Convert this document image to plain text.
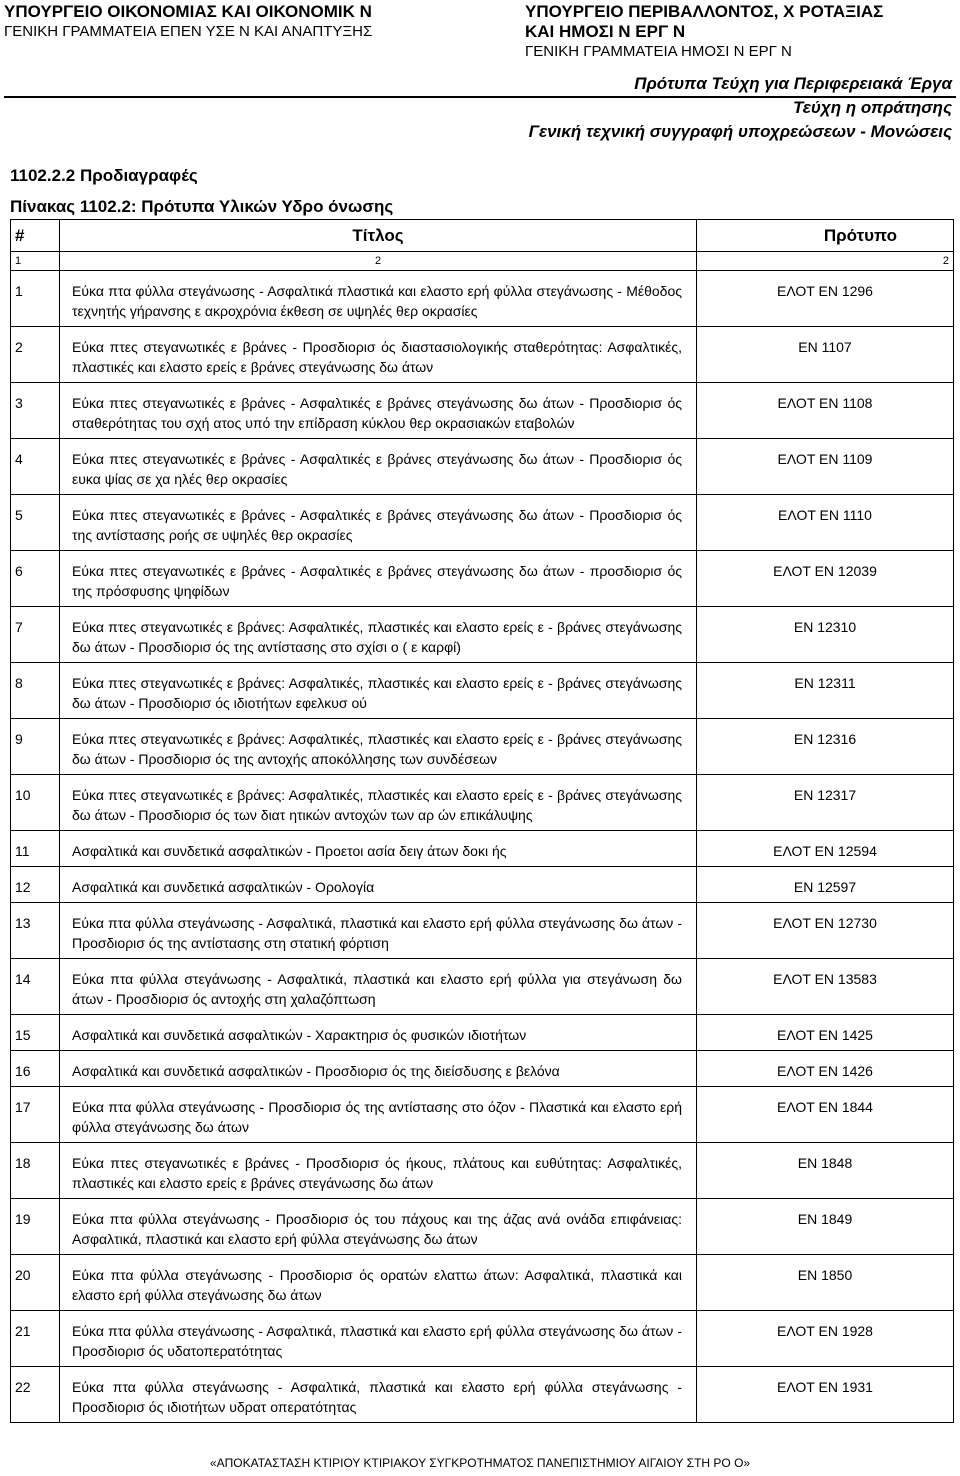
ΥΠΟΥΡΓΕΙΟ ΟΙΚΟΝΟΜΙΑΣ ΚΑΙ ΟΙΚΟΝΟΜΙΚ Ν
ΓΕΝΙΚΗ ΓΡΑΜΜΑΤΕΙΑ ΕΠΕΝ ΥΣΕ Ν ΚΑΙ ΑΝΑΠΤΥΞΗΣ
ΥΠΟΥΡΓΕΙΟ ΠΕΡΙΒΑΛΛΟΝΤΟΣ, Χ ΡΟΤΑΞΙΑΣ
ΚΑΙ ΗΜΟΣΙ Ν ΕΡΓ Ν
ΓΕΝΙΚΗ ΓΡΑΜΜΑΤΕΙΑ ΗΜΟΣΙ Ν ΕΡΓ Ν
Πρότυπα Τεύχη για Περιφερειακά Έργα
Τεύχη η οπράτησης
Γενική τεχνική συγγραφή υποχρεώσεων - Μονώσεις
1102.2.2 Προδιαγραφές
Πίνακας 1102.2: Πρότυπα Υλικών Υδρο όνωσης
#	Τίτλος	Πρότυπο
1	2	2
1	Εύκα πτα φύλλα στεγάνωσης - Ασφαλτικά πλαστικά και ελαστο ερή φύλλα στεγάνωσης - Μέθοδος τεχνητής γήρανσης ε ακροχρόνια έκθεση σε υψηλές θερ οκρασίες	ΕΛΟΤ ΕΝ 1296
2	Εύκα πτες στεγανωτικές ε βράνες - Προσδιορισ ός διαστασιολογικής σταθερότητας: Ασφαλτικές, πλαστικές και ελαστο ερείς ε βράνες στεγάνωσης δω άτων	ΕΝ 1107
3	Εύκα πτες στεγανωτικές ε βράνες - Ασφαλτικές ε βράνες στεγάνωσης δω άτων - Προσδιορισ ός σταθερότητας του σχή ατος υπό την επίδραση κύκλου θερ οκρασιακών εταβολών	ΕΛΟΤ ΕΝ 1108
4	Εύκα πτες στεγανωτικές ε βράνες - Ασφαλτικές ε βράνες στεγάνωσης δω άτων - Προσδιορισ ός ευκα ψίας σε χα ηλές θερ οκρασίες	ΕΛΟΤ ΕΝ 1109
5	Εύκα πτες στεγανωτικές ε βράνες - Ασφαλτικές ε βράνες στεγάνωσης δω άτων - Προσδιορισ ός της αντίστασης ροής σε υψηλές θερ οκρασίες	ΕΛΟΤ ΕΝ 1110
6	Εύκα πτες στεγανωτικές ε βράνες - Ασφαλτικές ε βράνες στεγάνωσης δω άτων - προσδιορισ ός της πρόσφυσης ψηφίδων	ΕΛΟΤ ΕΝ 12039
7	Εύκα πτες στεγανωτικές ε βράνες: Ασφαλτικές, πλαστικές και ελαστο ερείς ε - βράνες στεγάνωσης δω άτων - Προσδιορισ ός της αντίστασης στο σχίσι ο ( ε καρφί)	ΕΝ 12310
8	Εύκα πτες στεγανωτικές ε βράνες: Ασφαλτικές, πλαστικές και ελαστο ερείς ε - βράνες στεγάνωσης δω άτων - Προσδιορισ ός ιδιοτήτων εφελκυσ ού	ΕΝ 12311
9	Εύκα πτες στεγανωτικές ε βράνες: Ασφαλτικές, πλαστικές και ελαστο ερείς ε - βράνες στεγάνωσης δω άτων - Προσδιορισ ός της αντοχής αποκόλλησης των συνδέσεων	ΕΝ 12316
10	Εύκα πτες στεγανωτικές ε βράνες: Ασφαλτικές, πλαστικές και ελαστο ερείς ε - βράνες στεγάνωσης δω άτων - Προσδιορισ ός των διατ ητικών αντοχών των αρ ών επικάλυψης	ΕΝ 12317
11	Ασφαλτικά και συνδετικά ασφαλτικών - Προετοι ασία δειγ άτων δοκι ής	ΕΛΟΤ ΕΝ 12594
12	Ασφαλτικά και συνδετικά ασφαλτικών - Ορολογία	ΕΝ 12597
13	Εύκα πτα φύλλα στεγάνωσης - Ασφαλτικά, πλαστικά και ελαστο ερή φύλλα στεγάνωσης δω άτων - Προσδιορισ ός της αντίστασης στη στατική φόρτιση	ΕΛΟΤ ΕΝ 12730
14	Εύκα πτα φύλλα στεγάνωσης - Ασφαλτικά, πλαστικά και ελαστο ερή φύλλα για στεγάνωση δω άτων - Προσδιορισ ός αντοχής στη χαλαζόπτωση	ΕΛΟΤ ΕΝ 13583
15	Ασφαλτικά και συνδετικά ασφαλτικών - Χαρακτηρισ ός φυσικών ιδιοτήτων	ΕΛΟΤ ΕΝ 1425
16	Ασφαλτικά και συνδετικά ασφαλτικών - Προσδιορισ ός της διείσδυσης ε βελόνα	ΕΛΟΤ ΕΝ 1426
17	Εύκα πτα φύλλα στεγάνωσης - Προσδιορισ ός της αντίστασης στο όζον - Πλαστικά και ελαστο ερή φύλλα στεγάνωσης δω άτων	ΕΛΟΤ ΕΝ 1844
18	Εύκα πτες στεγανωτικές ε βράνες - Προσδιορισ ός ήκους, πλάτους και ευθύτητας: Ασφαλτικές, πλαστικές και ελαστο ερείς ε βράνες στεγάνωσης δω άτων	ΕΝ 1848
19	Εύκα πτα φύλλα στεγάνωσης - Προσδιορισ ός του πάχους και της άζας ανά ονάδα επιφάνειας: Ασφαλτικά, πλαστικά και ελαστο ερή φύλλα στεγάνωσης δω άτων	ΕΝ 1849
20	Εύκα πτα φύλλα στεγάνωσης - Προσδιορισ ός ορατών ελαττω άτων: Ασφαλτικά, πλαστικά και ελαστο ερή φύλλα στεγάνωσης δω άτων	ΕΝ 1850
21	Εύκα πτα φύλλα στεγάνωσης - Ασφαλτικά, πλαστικά και ελαστο ερή φύλλα στεγάνωσης δω άτων - Προσδιορισ ός υδατοπερατότητας	ΕΛΟΤ ΕΝ 1928
22	Εύκα πτα φύλλα στεγάνωσης - Ασφαλτικά, πλαστικά και ελαστο ερή φύλλα στεγάνωσης - Προσδιορισ ός ιδιοτήτων υδρατ οπερατότητας	ΕΛΟΤ ΕΝ 1931
«ΑΠΟΚΑΤΑΣΤΑΣΗ ΚΤΙΡΙΟΥ ΚΤΙΡΙΑΚΟΥ ΣΥΓΚΡΟΤΗΜΑΤΟΣ ΠΑΝΕΠΙΣΤΗΜΙΟΥ ΑΙΓΑΙΟΥ ΣΤΗ ΡΟ Ο»
